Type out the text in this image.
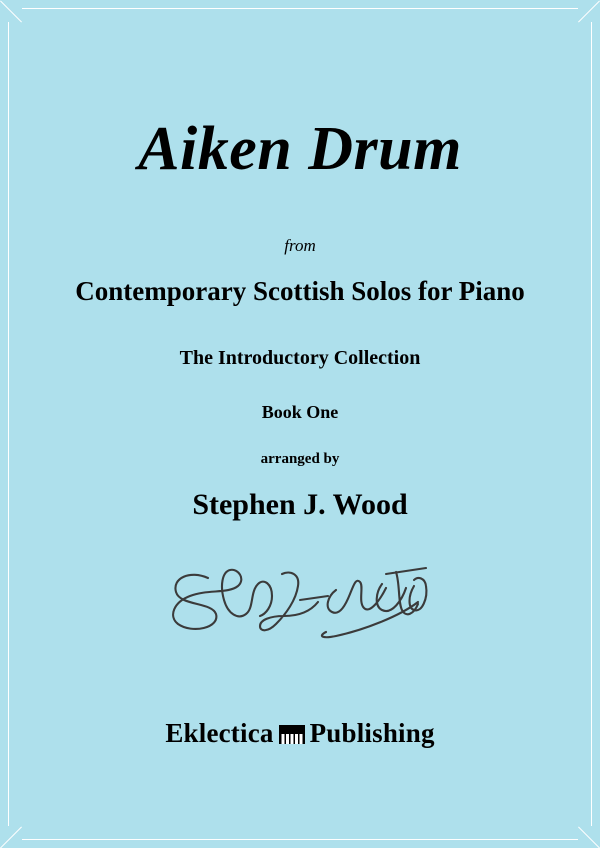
Aiken Drum
from
Contemporary Scottish Solos for Piano
The Introductory Collection
Book One
arranged by
Stephen J. Wood
Eklectica Publishing
